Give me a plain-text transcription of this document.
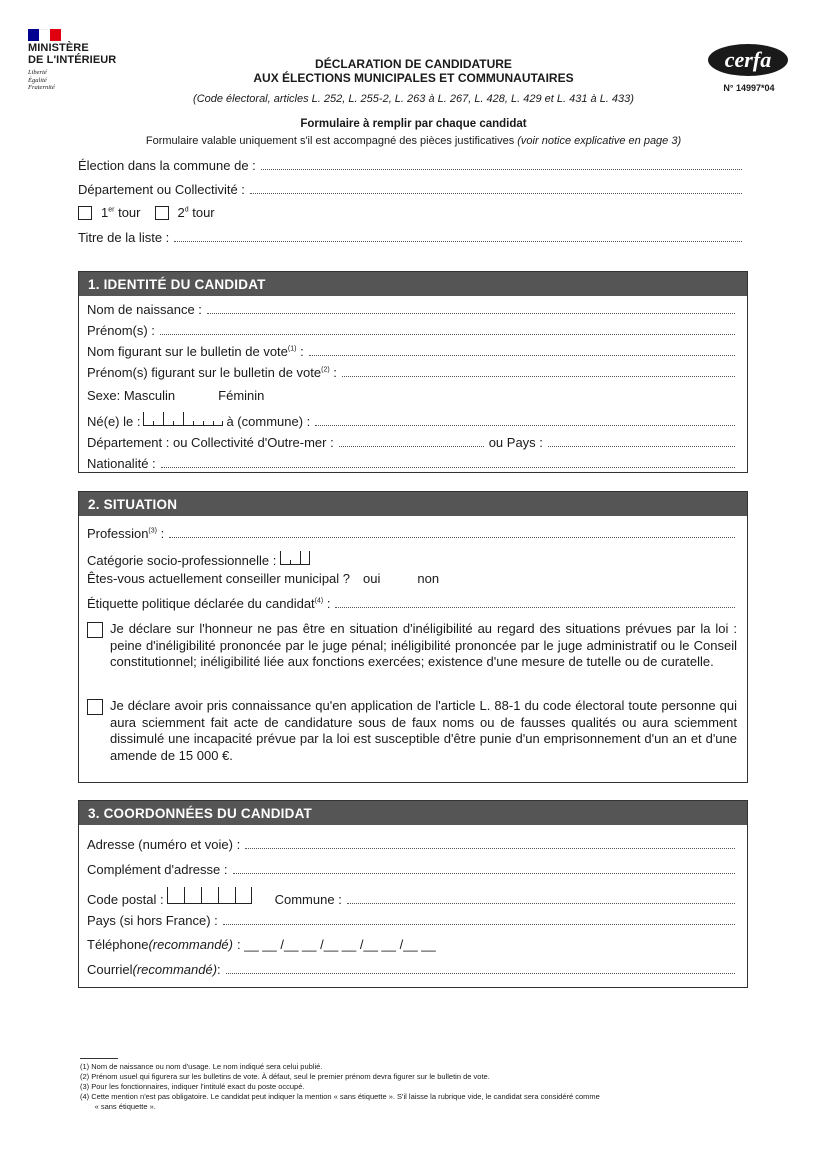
MINISTÈRE
DE L'INTÉRIEUR
Liberté
Égalité
Fraternité
DÉCLARATION DE CANDIDATURE
AUX ÉLECTIONS MUNICIPALES ET COMMUNAUTAIRES
(Code électoral, articles L. 252, L. 255-2, L. 263 à L. 267, L. 428, L. 429 et L. 431 à L. 433)
cerfa
N° 14997*04
Formulaire à remplir par chaque candidat
Formulaire valable uniquement s'il est accompagné des pièces justificatives (voir notice explicative en page 3)
Élection dans la commune de :
Département ou Collectivité :
1er tour	2$^d$ tour
Titre de la liste :
1. IDENTITÉ DU CANDIDAT
Nom de naissance :
Prénom(s) :
Nom figurant sur le bulletin de vote$^{(1)}$ :
Prénom(s) figurant sur le bulletin de vote$^{(2)}$ :
Sexe: Masculin	Féminin
Né(e) le :	à (commune) :
Département : ou Collectivité d'Outre-mer :	ou Pays :
Nationalité :
2. SITUATION
Profession$^{(3)}$ :
Catégorie socio-professionnelle :
Êtes-vous actuellement conseiller municipal ? oui	non
Étiquette politique déclarée du candidat$^{(4)}$ :

Je déclare sur l'honneur ne pas être en situation d'inéligibilité au regard des situations prévues par la loi : peine d'inéligibilité prononcée par le juge pénal; inéligibilité prononcée par le juge administratif ou le Conseil constitutionnel; inéligibilité liée aux fonctions exercées; existence d'une mesure de tutelle ou de curatelle.

Je déclare avoir pris connaissance qu'en application de l'article L. 88-1 du code électoral toute personne qui aura sciemment fait acte de candidature sous de faux noms ou de fausses qualités ou aura sciemment dissimulé une incapacité prévue par la loi est susceptible d'être punie d'un emprisonnement d'un an et d'une amende de 15 000 €.

3. COORDONNÉES DU CANDIDAT
Adresse (numéro et voie) :
Complément d'adresse :
Code postal :	Commune :
Pays (si hors France) :
Téléphone (recommandé) : __ __ /__ __ /__ __ /__ __ /__ __
Courriel (recommandé) :
(1) Nom de naissance ou nom d'usage. Le nom indiqué sera celui publié.
(2) Prénom usuel qui figurera sur les bulletins de vote. À défaut, seul le premier prénom devra figurer sur le bulletin de vote.
(3) Pour les fonctionnaires, indiquer l'intitulé exact du poste occupé.
(4) Cette mention n'est pas obligatoire. Le candidat peut indiquer la mention « sans étiquette ». S'il laisse la rubrique vide, le candidat sera considéré comme
« sans étiquette ».
